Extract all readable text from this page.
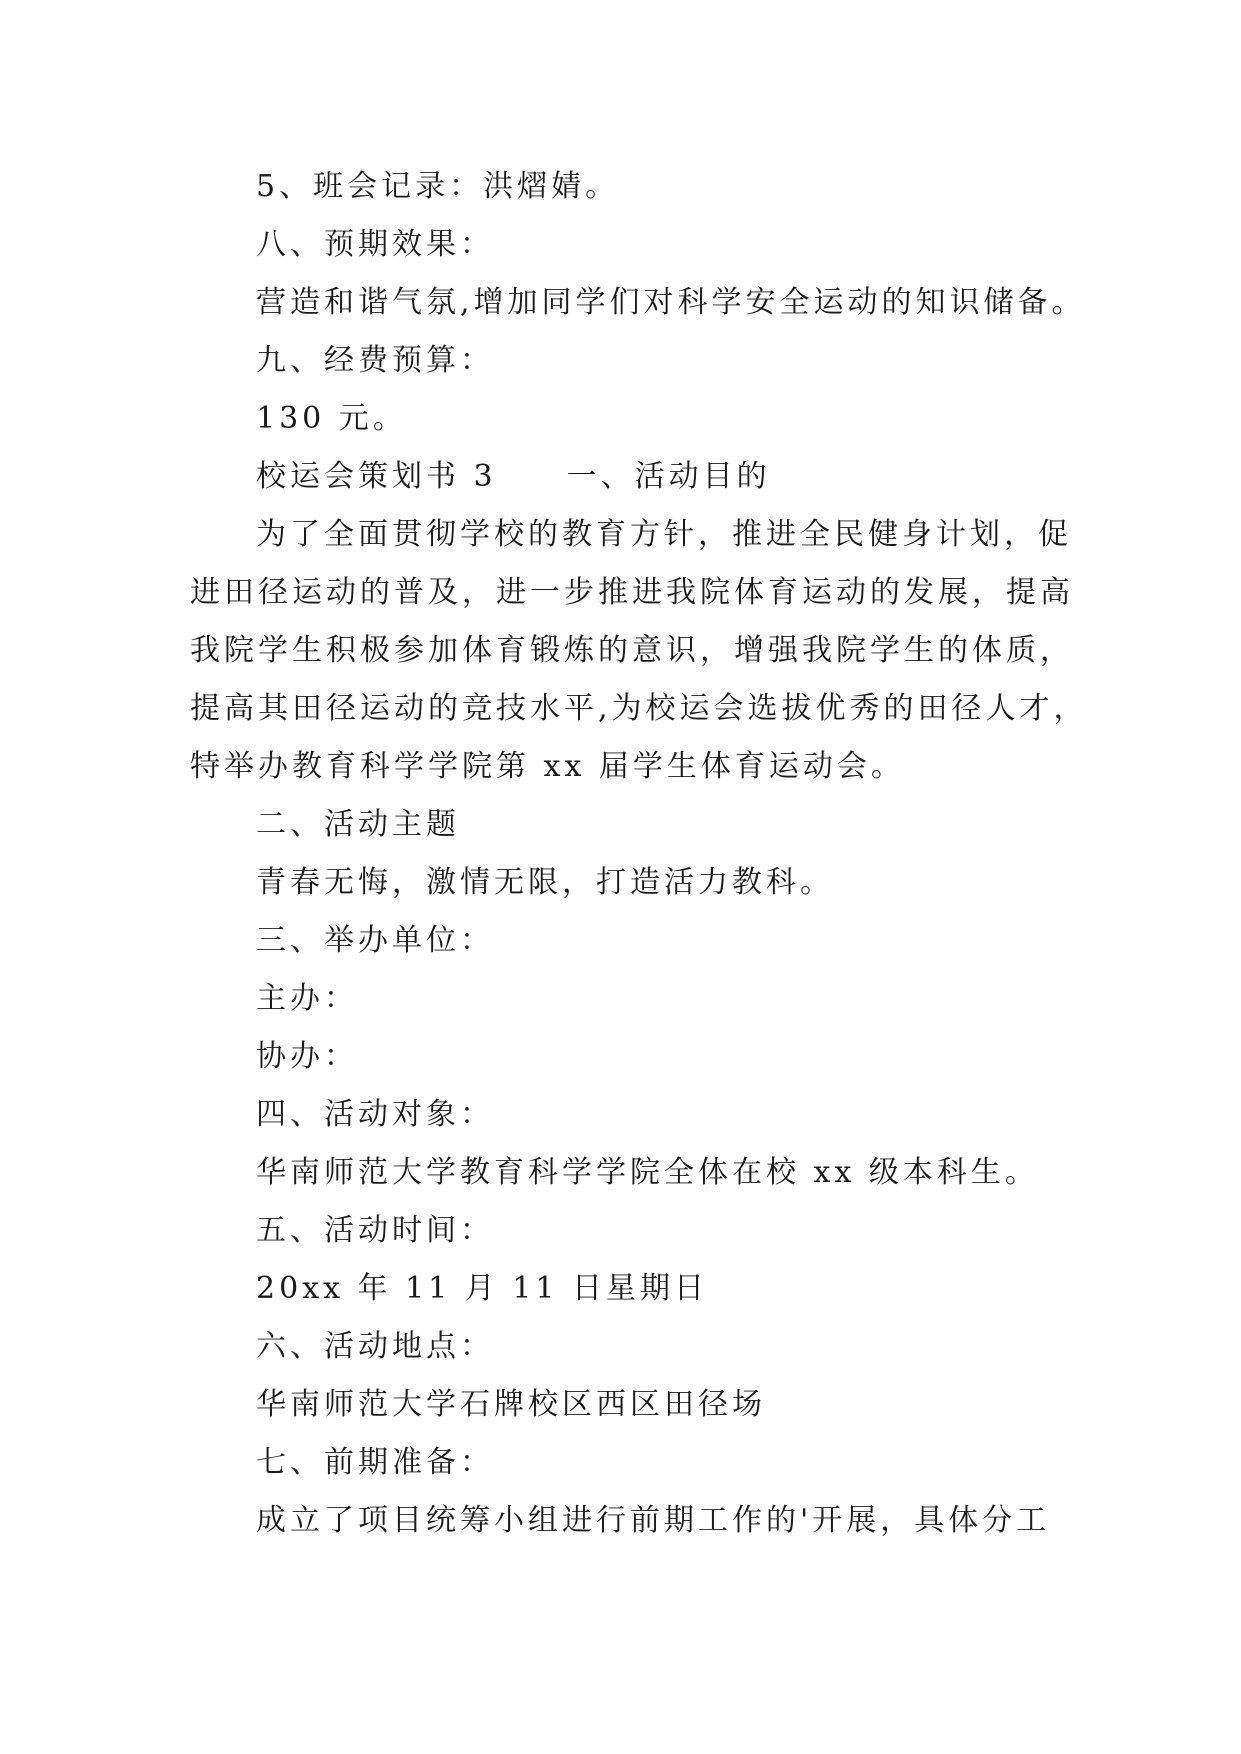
5、班会记录：洪熠婧。
八、预期效果：
营造和谐气氛,增加同学们对科学安全运动的知识储备。
九、经费预算：
130 元。
校运会策划书 3 一、活动目的
为了全面贯彻学校的教育方针，推进全民健身计划，促
进田径运动的普及，进一步推进我院体育运动的发展，提高
我院学生积极参加体育锻炼的意识，增强我院学生的体质，
提高其田径运动的竞技水平,为校运会选拔优秀的田径人才，
特举办教育科学学院第 xx 届学生体育运动会。
二、活动主题
青春无悔，激情无限，打造活力教科。
三、举办单位：
主办：
协办：
四、活动对象：
华南师范大学教育科学学院全体在校 xx 级本科生。
五、活动时间：
20xx 年 11 月 11 日星期日
六、活动地点：
华南师范大学石牌校区西区田径场
七、前期准备：
成立了项目统筹小组进行前期工作的'开展，具体分工
